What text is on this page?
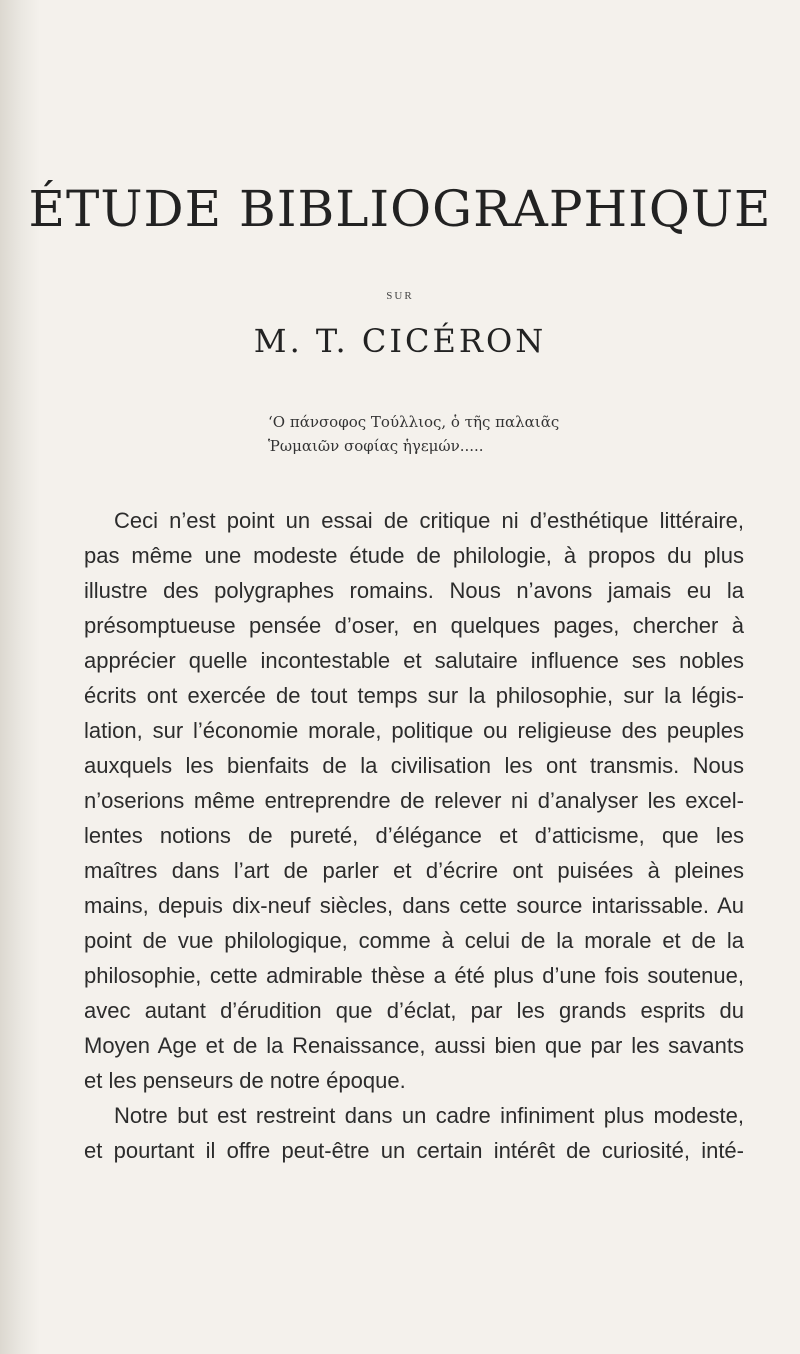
ÉTUDE BIBLIOGRAPHIQUE
SUR
M. T. CICÉRON
‘Ο πάνσοφος Τούλλιος, ὁ τῆς παλαιᾶς
Ῥωμαιῶν σοφίας ἡγεμών.....
Ceci n’est point un essai de critique ni d’esthétique littéraire,
pas même une modeste étude de philologie, à propos du plus
illustre des polygraphes romains. Nous n’avons jamais eu la
présomptueuse pensée d’oser, en quelques pages, chercher à
apprécier quelle incontestable et salutaire influence ses nobles
écrits ont exercée de tout temps sur la philosophie, sur la légis-
lation, sur l’économie morale, politique ou religieuse des peuples
auxquels les bienfaits de la civilisation les ont transmis. Nous
n’oserions même entreprendre de relever ni d’analyser les excel-
lentes notions de pureté, d’élégance et d’atticisme, que les
maîtres dans l’art de parler et d’écrire ont puisées à pleines
mains, depuis dix-neuf siècles, dans cette source intarissable. Au
point de vue philologique, comme à celui de la morale et de la
philosophie, cette admirable thèse a été plus d’une fois soutenue,
avec autant d’érudition que d’éclat, par les grands esprits du
Moyen Age et de la Renaissance, aussi bien que par les savants
et les penseurs de notre époque.
Notre but est restreint dans un cadre infiniment plus modeste,
et pourtant il offre peut-être un certain intérêt de curiosité, inté-
